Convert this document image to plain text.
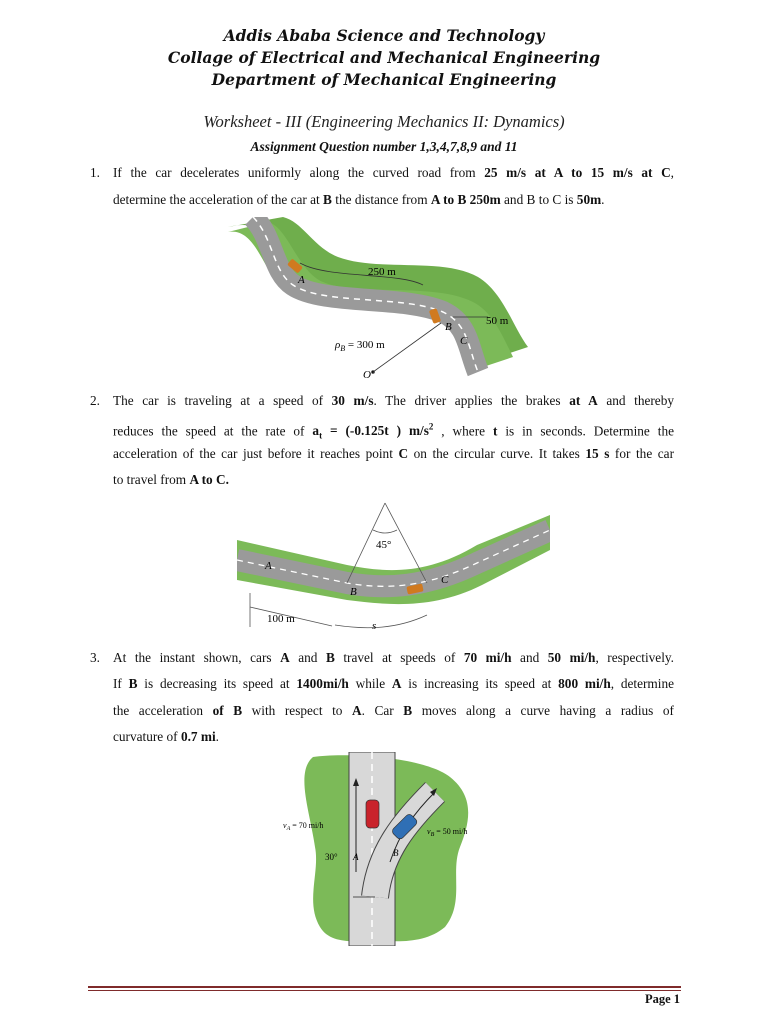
Addis Ababa Science and Technology
Collage of Electrical and Mechanical Engineering
Department of Mechanical Engineering
Worksheet - III (Engineering Mechanics II: Dynamics)
Assignment Question number 1,3,4,7,8,9 and 11
1. If the car decelerates uniformly along the curved road from 25 m/s at A to 15 m/s at C,
determine the acceleration of the car at B the distance from A to B 250m and B to C is 50m.
250 m
50 m
A
B
C
$\rho_B = 300$ m
O'
2. The car is traveling at a speed of 30 m/s. The driver applies the brakes at A and thereby
reduces the speed at the rate of $a_t = (-0.125t$ ) $m/s^2$ , where t is in seconds. Determine the
acceleration of the car just before it reaches point C on the circular curve. It takes 15 s for the car
to travel from A to C.
45°
A
B
C
100 m
s
3. At the instant shown, cars A and B travel at speeds of 70 mi/h and 50 mi/h, respectively.
If B is decreasing its speed at 1400mi/h while A is increasing its speed at 800 mi/h, determine
the acceleration of B with respect to A. Car B moves along a curve having a radius of
curvature of 0.7 mi.
A	B
30°
$v_A = 70$ mi/h
$v_B = 50$ mi/h
Page 1
